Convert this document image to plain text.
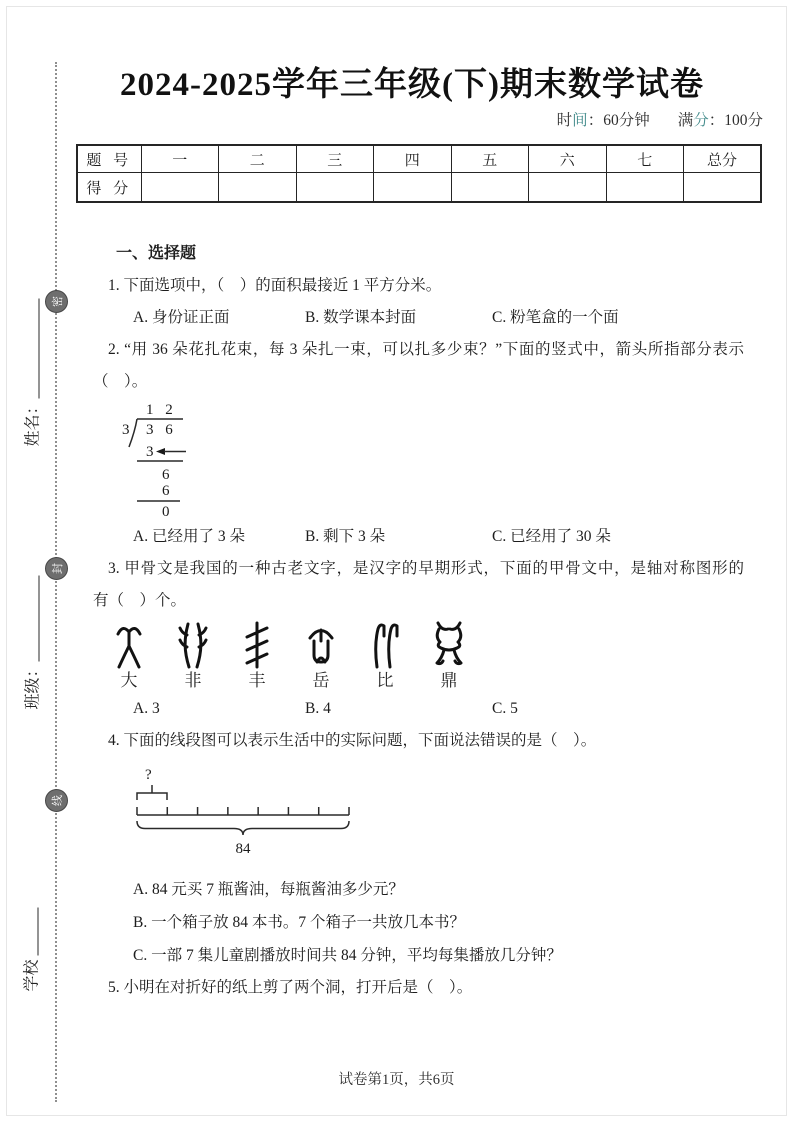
密
封
线
姓名：
班级：
学校

2024-2025学年三年级(下)期末数学试卷
时间：60分钟 满分：100分
题 号	一	二	三	四	五	六	七	总分
得 分								
一、选择题
1. 下面选项中，（　）的面积最接近 1 平方分米。
A. 身份证正面	B. 数学课本封面	C. 粉笔盒的一个面
2. “用 36 朵花扎花束，每 3 朵扎一束，可以扎多少束？”下面的竖式中，箭头所指部分表示
（　）。
1 2
3 3 6
3
6
6
0
A. 已经用了 3 朵	B. 剩下 3 朵	C. 已经用了 30 朵
3. 甲骨文是我国的一种古老文字，是汉字的早期形式，下面的甲骨文中，是轴对称图形的
有（　）个。
大	非	丰	岳	比	鼎
A. 3	B. 4	C. 5
4. 下面的线段图可以表示生活中的实际问题，下面说法错误的是（　）。
?
84
A. 84 元买 7 瓶酱油，每瓶酱油多少元？
B. 一个箱子放 84 本书。7 个箱子一共放几本书？
C. 一部 7 集儿童剧播放时间共 84 分钟，平均每集播放几分钟？
5. 小明在对折好的纸上剪了两个洞，打开后是（　）。
试卷第1页，共6页
